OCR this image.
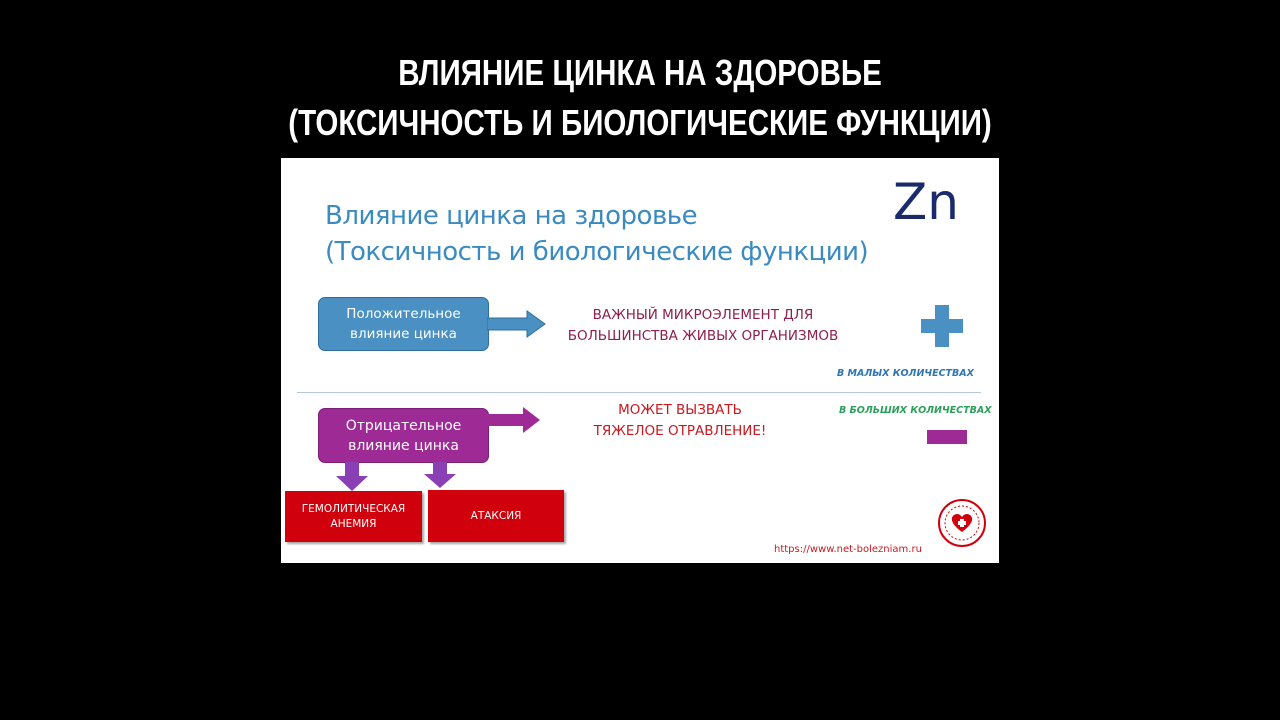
ВЛИЯНИЕ ЦИНКА НА ЗДОРОВЬЕ
(ТОКСИЧНОСТЬ И БИОЛОГИЧЕСКИЕ ФУНКЦИИ)
Влияние цинка на здоровье
(Токсичность и биологические функции)
Zn
Положительное
влияние цинка
ВАЖНЫЙ МИКРОЭЛЕМЕНТ ДЛЯ
БОЛЬШИНСТВА ЖИВЫХ ОРГАНИЗМОВ
В МАЛЫХ КОЛИЧЕСТВАХ
Отрицательное
влияние цинка
МОЖЕТ ВЫЗВАТЬ
ТЯЖЕЛОЕ ОТРАВЛЕНИЕ!
В БОЛЬШИХ КОЛИЧЕСТВАХ
ГЕМОЛИТИЧЕСКАЯ
АНЕМИЯ
АТАКСИЯ
https://www.net-bolezniam.ru
